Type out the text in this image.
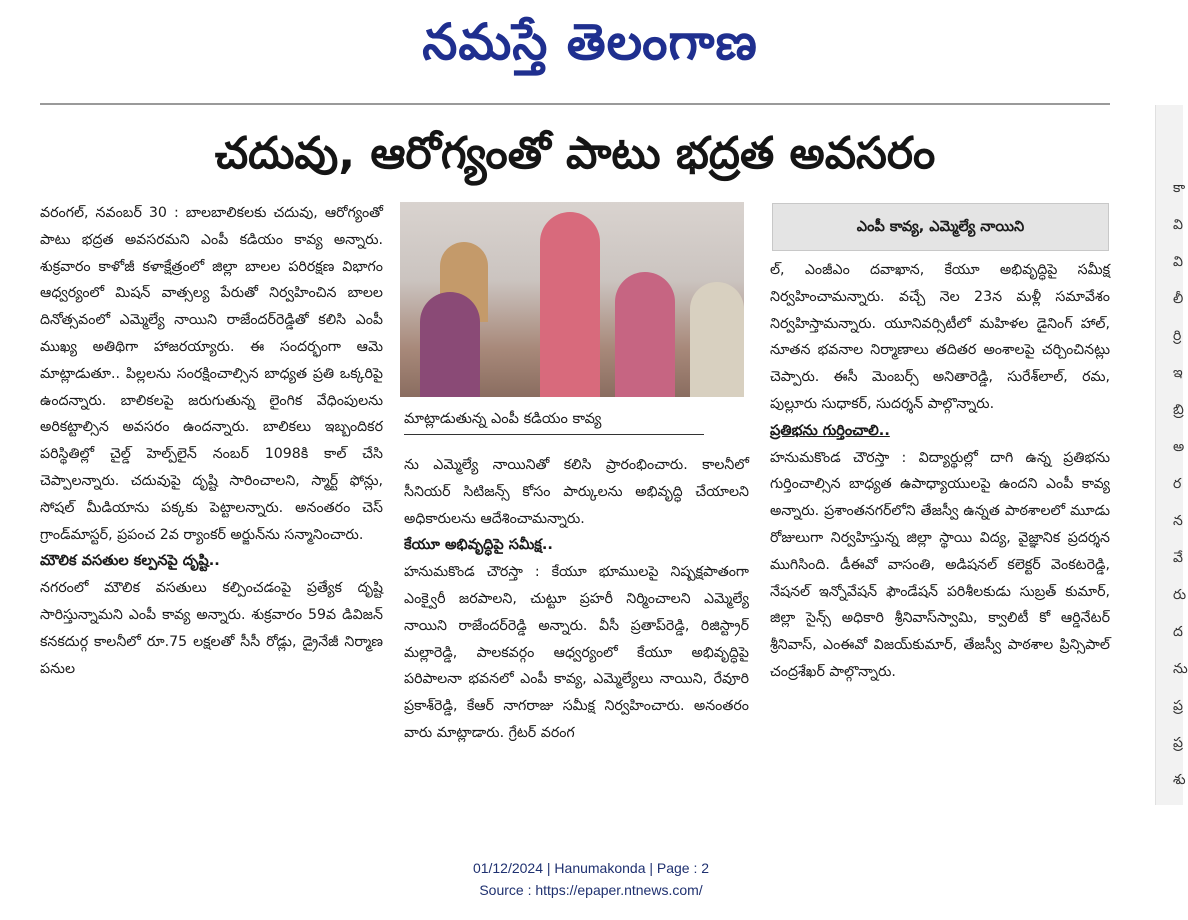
నమస్తే తెలంగాణ
చదువు, ఆరోగ్యంతో పాటు భద్రత అవసరం

వరంగల్, నవంబర్ 30 : బాలబాలికలకు చదువు, ఆరోగ్యంతో పాటు భద్రత అవసరమని ఎంపీ కడియం కావ్య అన్నారు. శుక్రవారం కాళోజీ కళాక్షేత్రంలో జిల్లా బాలల పరిరక్షణ విభాగం ఆధ్వర్యంలో మిషన్ వాత్సల్య పేరుతో నిర్వహించిన బాలల దినోత్సవంలో ఎమ్మెల్యే నాయిని రాజేందర్‌రెడ్డితో కలిసి ఎంపీ ముఖ్య అతిథిగా హాజరయ్యారు. ఈ సందర్భంగా ఆమె మాట్లాడుతూ.. పిల్లలను సంరక్షించాల్సిన బాధ్యత ప్రతి ఒక్కరిపై ఉందన్నారు. బాలికలపై జరుగుతున్న లైంగిక వేధింపులను అరికట్టాల్సిన అవసరం ఉందన్నారు. బాలికలు ఇబ్బందికర పరిస్థితిల్లో చైల్డ్ హెల్ప్‌లైన్ నంబర్ 1098కి కాల్ చేసి చెప్పాలన్నారు. చదువుపై దృష్టి సారించాలని, స్మార్ట్ ఫోన్లు, సోషల్ మీడియాను పక్కకు పెట్టాలన్నారు. అనంతరం చెస్ గ్రాండ్‌మాస్టర్, ప్రపంచ 2వ ర్యాంకర్ అర్జున్‌ను సన్మానించారు.

మౌలిక వసతుల కల్పనపై దృష్టి..

నగరంలో మౌలిక వసతులు కల్పించడంపై ప్రత్యేక దృష్టి సారిస్తున్నామని ఎంపీ కావ్య అన్నారు. శుక్రవారం 59వ డివిజన్ కనకదుర్గ కాలనీలో రూ.75 లక్షలతో సీసీ రోడ్లు, డ్రైనేజీ నిర్మాణ పనుల

మాట్లాడుతున్న ఎంపీ కడియం కావ్య

ను ఎమ్మెల్యే నాయినితో కలిసి ప్రారంభించారు. కాలనీలో సీనియర్ సిటిజన్స్ కోసం పార్కులను అభివృద్ధి చేయాలని అధికారులను ఆదేశించామన్నారు.

కేయూ అభివృద్ధిపై సమీక్ష..

హనుమకొండ చౌరస్తా : కేయూ భూములపై నిష్పక్షపాతంగా ఎంక్వైరీ జరపాలని, చుట్టూ ప్రహరీ నిర్మించాలని ఎమ్మెల్యే నాయిని రాజేందర్‌రెడ్డి అన్నారు. వీసీ ప్రతాప్‌రెడ్డి, రిజిస్ట్రార్ మల్లారెడ్డి, పాలకవర్గం ఆధ్వర్యంలో కేయూ అభివృద్ధిపై పరిపాలనా భవనలో ఎంపీ కావ్య, ఎమ్మెల్యేలు నాయిని, రేవూరి ప్రకాశ్‌రెడ్డి, కేఆర్ నాగరాజు సమీక్ష నిర్వహించారు. అనంతరం వారు మాట్లాడారు. గ్రేటర్ వరంగ

ఎంపీ కావ్య, ఎమ్మెల్యే నాయిని

ల్, ఎంజీఎం దవాఖాన, కేయూ అభివృద్ధిపై సమీక్ష నిర్వహించామన్నారు. వచ్చే నెల 23న మళ్లీ సమావేశం నిర్వహిస్తామన్నారు. యూనివర్సిటీలో మహిళల డైనింగ్ హాల్, నూతన భవనాల నిర్మాణాలు తదితర అంశాలపై చర్చించినట్లు చెప్పారు. ఈసీ మెంబర్స్ అనితారెడ్డి, సురేశ్‌లాల్, రమ, పుల్లూరు సుధాకర్, సుదర్శన్ పాల్గొన్నారు.

ప్రతిభను గుర్తించాలి..

హనుమకొండ చౌరస్తా : విద్యార్థుల్లో దాగి ఉన్న ప్రతిభను గుర్తించాల్సిన బాధ్యత ఉపాధ్యాయులపై ఉందని ఎంపీ కావ్య అన్నారు. ప్రశాంతనగర్‌లోని తేజస్వీ ఉన్నత పాఠశాలలో మూడు రోజులుగా నిర్వహిస్తున్న జిల్లా స్థాయి విద్య, వైజ్ఞానిక ప్రదర్శన ముగిసింది. డీఈవో వాసంతి, అడిషనల్ కలెక్టర్ వెంకటరెడ్డి, నేషనల్ ఇన్నోవేషన్ ఫౌండేషన్ పరిశీలకుడు సుబ్రత్ కుమార్, జిల్లా సైన్స్ అధికారి శ్రీనివాస్‌స్వామి, క్వాలిటీ కో ఆర్డినేటర్ శ్రీనివాస్, ఎంఈవో విజయ్‌కుమార్, తేజస్వీ పాఠశాల ప్రిన్సిపాల్ చంద్రశేఖర్ పాల్గొన్నారు.

కా
వి
వి
లీ
ర్రి
ఇ
బ్రి
అ
ర
న
వే
రు
ద
ను
ప్ర
ప్ర
శు
01/12/2024 | Hanumakonda | Page : 2
Source : https://epaper.ntnews.com/
